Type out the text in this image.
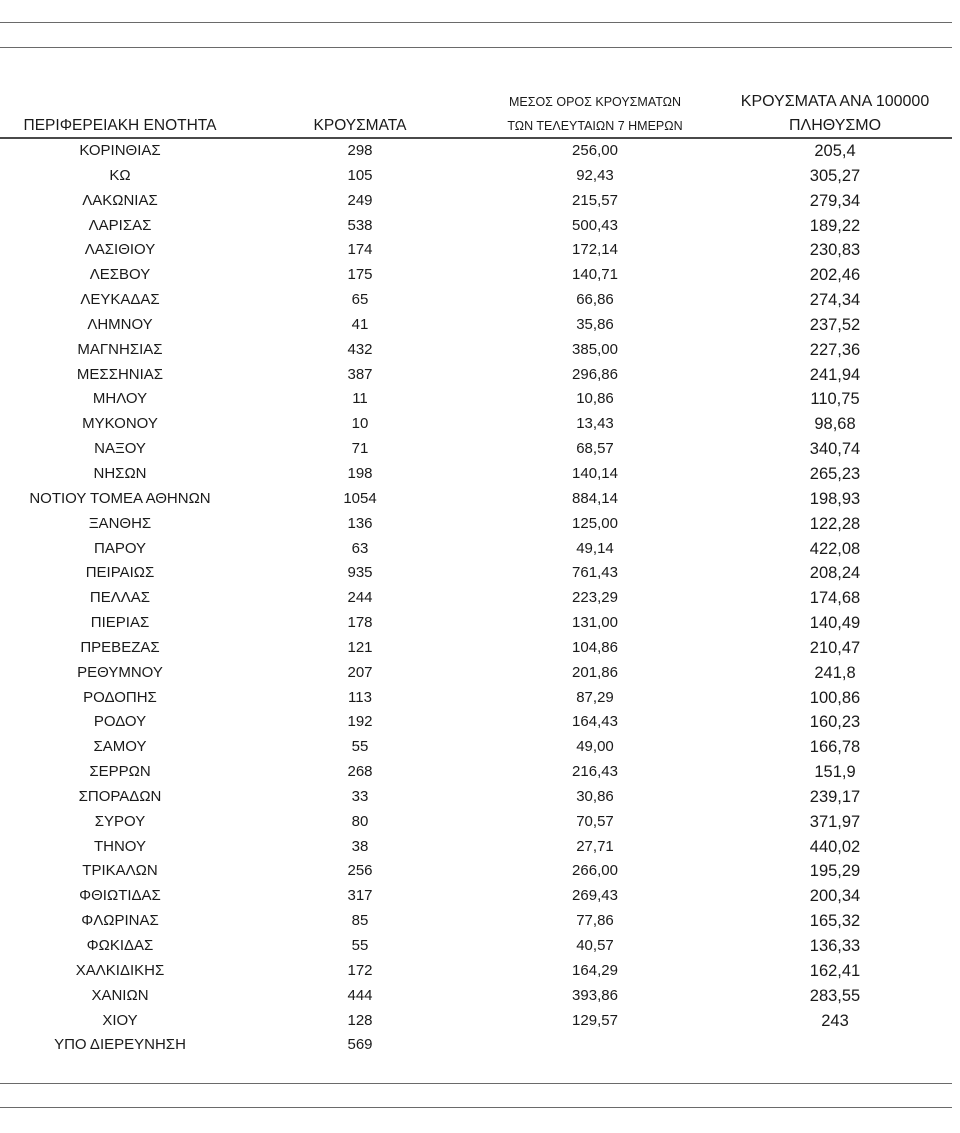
ΠΕΡΙΦΕΡΕΙΑΚΗ ΕΝΟΤΗΤΑ	ΚΡΟΥΣΜΑΤΑ
ΜΕΣΟΣ ΟΡΟΣ ΚΡΟΥΣΜΑΤΩΝ
ΤΩΝ ΤΕΛΕΥΤΑΙΩΝ 7 ΗΜΕΡΩΝ
ΚΡΟΥΣΜΑΤΑ ΑΝΑ 100000
ΠΛΗΘΥΣΜΟ
ΚΟΡΙΝΘΙΑΣ	298	256,00	205,4
ΚΩ	105	92,43	305,27
ΛΑΚΩΝΙΑΣ	249	215,57	279,34
ΛΑΡΙΣΑΣ	538	500,43	189,22
ΛΑΣΙΘΙΟΥ	174	172,14	230,83
ΛΕΣΒΟΥ	175	140,71	202,46
ΛΕΥΚΑΔΑΣ	65	66,86	274,34
ΛΗΜΝΟΥ	41	35,86	237,52
ΜΑΓΝΗΣΙΑΣ	432	385,00	227,36
ΜΕΣΣΗΝΙΑΣ	387	296,86	241,94
ΜΗΛΟΥ	11	10,86	110,75
ΜΥΚΟΝΟΥ	10	13,43	98,68
ΝΑΞΟΥ	71	68,57	340,74
ΝΗΣΩΝ	198	140,14	265,23
ΝΟΤΙΟΥ ΤΟΜΕΑ ΑΘΗΝΩΝ	1054	884,14	198,93
ΞΑΝΘΗΣ	136	125,00	122,28
ΠΑΡΟΥ	63	49,14	422,08
ΠΕΙΡΑΙΩΣ	935	761,43	208,24
ΠΕΛΛΑΣ	244	223,29	174,68
ΠΙΕΡΙΑΣ	178	131,00	140,49
ΠΡΕΒΕΖΑΣ	121	104,86	210,47
ΡΕΘΥΜΝΟΥ	207	201,86	241,8
ΡΟΔΟΠΗΣ	113	87,29	100,86
ΡΟΔΟΥ	192	164,43	160,23
ΣΑΜΟΥ	55	49,00	166,78
ΣΕΡΡΩΝ	268	216,43	151,9
ΣΠΟΡΑΔΩΝ	33	30,86	239,17
ΣΥΡΟΥ	80	70,57	371,97
ΤΗΝΟΥ	38	27,71	440,02
ΤΡΙΚΑΛΩΝ	256	266,00	195,29
ΦΘΙΩΤΙΔΑΣ	317	269,43	200,34
ΦΛΩΡΙΝΑΣ	85	77,86	165,32
ΦΩΚΙΔΑΣ	55	40,57	136,33
ΧΑΛΚΙΔΙΚΗΣ	172	164,29	162,41
ΧΑΝΙΩΝ	444	393,86	283,55
ΧΙΟΥ	128	129,57	243
ΥΠΟ ΔΙΕΡΕΥΝΗΣΗ	569
